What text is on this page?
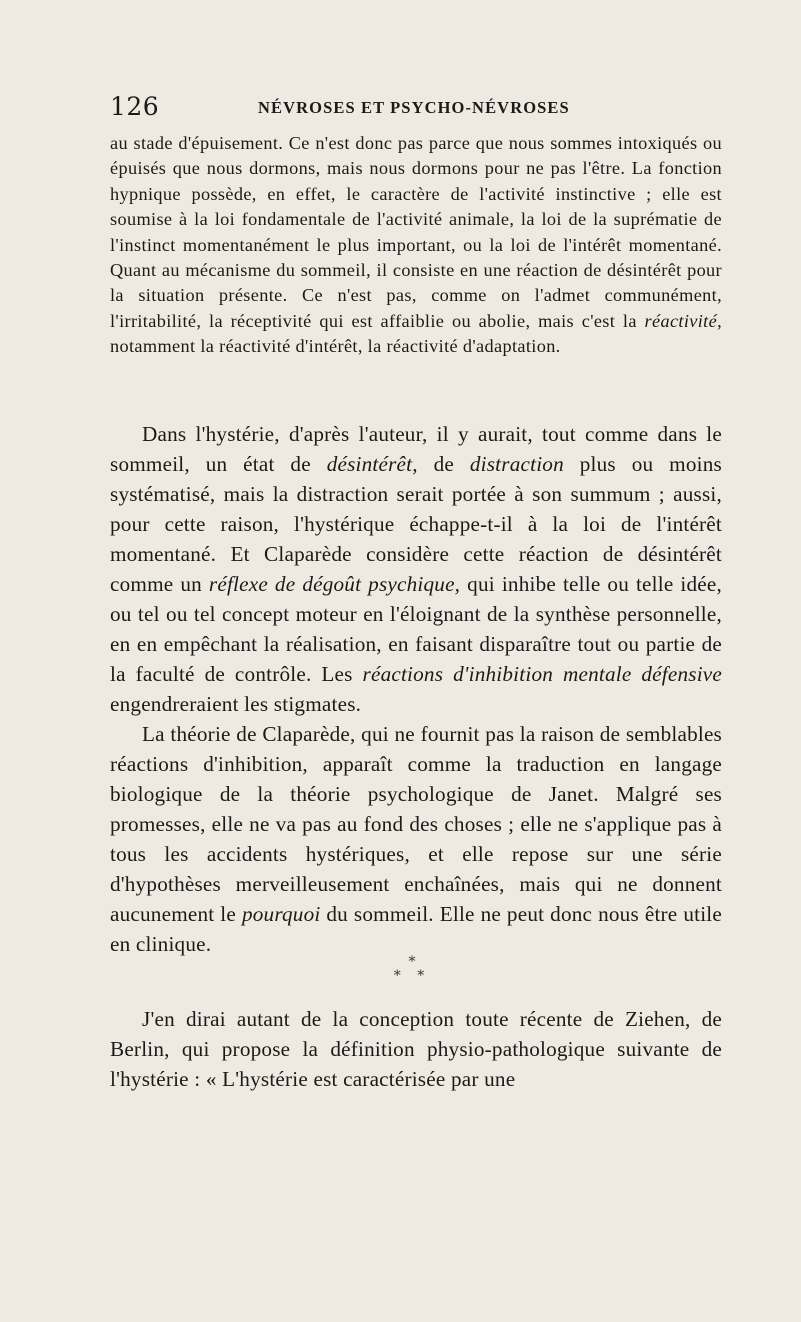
126	NÉVROSES ET PSYCHO-NÉVROSES

au stade d'épuisement. Ce n'est donc pas parce que nous sommes intoxiqués ou épuisés que nous dormons, mais nous dormons pour ne pas l'être. La fonction hypnique possède, en effet, le caractère de l'activité instinctive ; elle est soumise à la loi fondamentale de l'activité animale, la loi de la suprématie de l'instinct momentanément le plus important, ou la loi de l'intérêt momentané. Quant au mécanisme du sommeil, il consiste en une réaction de désintérêt pour la situation présente. Ce n'est pas, comme on l'admet communément, l'irritabilité, la réceptivité qui est affaiblie ou abolie, mais c'est la réactivité, notamment la réactivité d'intérêt, la réactivité d'adaptation.

Dans l'hystérie, d'après l'auteur, il y aurait, tout comme dans le sommeil, un état de désintérêt, de distraction plus ou moins systématisé, mais la distraction serait portée à son summum ; aussi, pour cette raison, l'hystérique échappe-t-il à la loi de l'intérêt momentané. Et Claparède considère cette réaction de désintérêt comme un réflexe de dégoût psychique, qui inhibe telle ou telle idée, ou tel ou tel concept moteur en l'éloignant de la synthèse personnelle, en en empêchant la réalisation, en faisant disparaître tout ou partie de la faculté de contrôle. Les réactions d'inhibition mentale défensive engendreraient les stigmates.

La théorie de Claparède, qui ne fournit pas la raison de semblables réactions d'inhibition, apparaît comme la traduction en langage biologique de la théorie psychologique de Janet. Malgré ses promesses, elle ne va pas au fond des choses ; elle ne s'applique pas à tous les accidents hystériques, et elle repose sur une série d'hypothèses merveilleusement enchaînées, mais qui ne donnent aucunement le pourquoi du sommeil. Elle ne peut donc nous être utile en clinique.

*
* *

J'en dirai autant de la conception toute récente de Ziehen, de Berlin, qui propose la définition physio-pathologique suivante de l'hystérie : « L'hystérie est caractérisée par une
